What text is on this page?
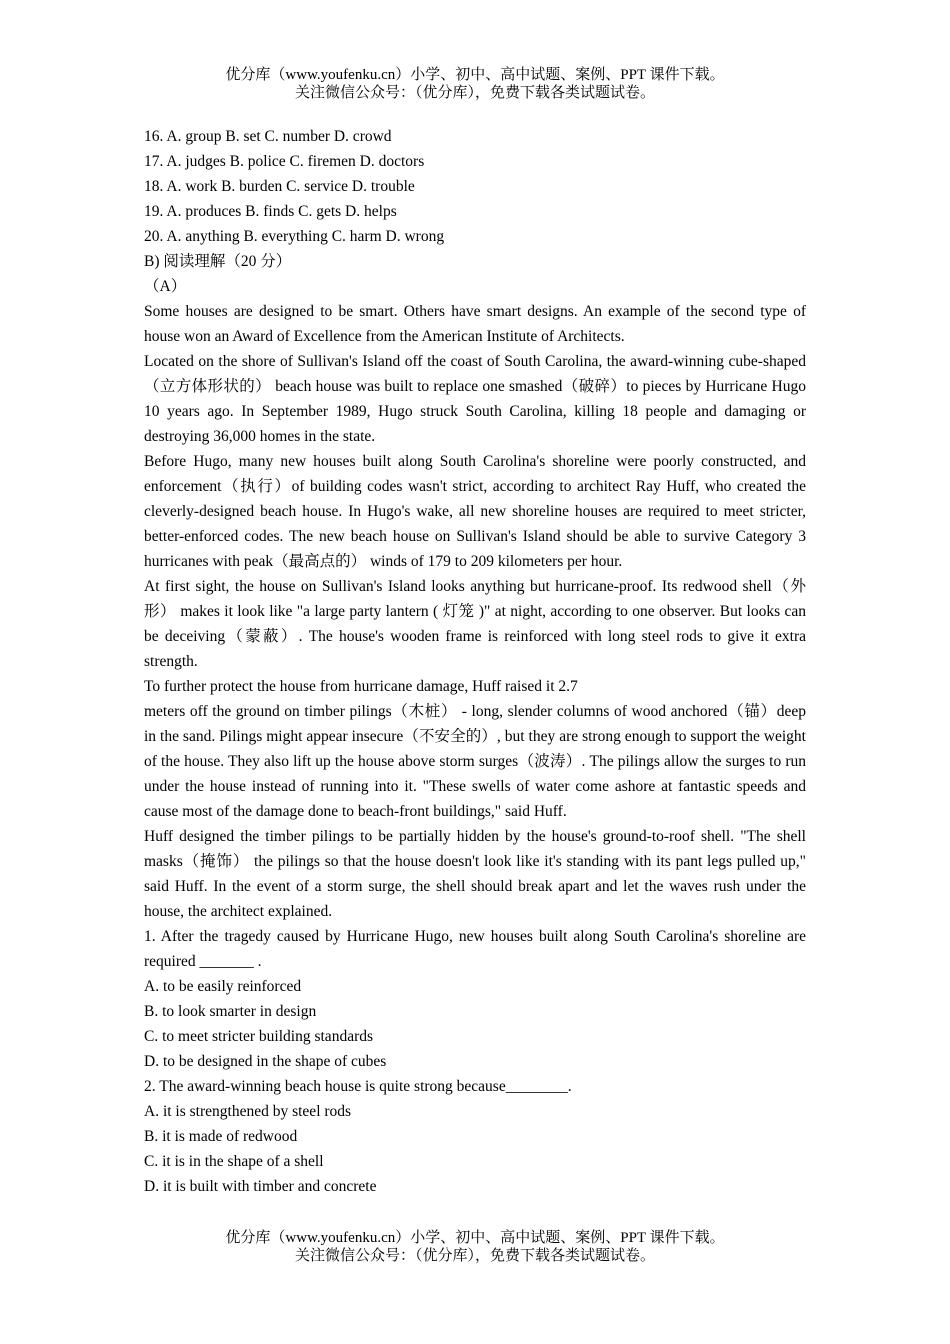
优分库（www.youfenku.cn）小学、初中、高中试题、案例、PPT 课件下载。
关注微信公众号：（优分库），免费下载各类试题试卷。
16. A. group B. set C. number D. crowd
17. A. judges B. police C. firemen D. doctors
18. A. work B. burden C. service D. trouble
19. A. produces B. finds C. gets D. helps
20. A. anything B. everything C. harm D. wrong
B) 阅读理解（20 分）
（A）
Some houses are designed to be smart. Others have smart designs. An example of the second type of house won an Award of Excellence from the American Institute of Architects.
Located on the shore of Sullivan's Island off the coast of South Carolina, the award-winning cube-shaped（立方体形状的） beach house was built to replace one smashed（破碎）to pieces by Hurricane Hugo 10 years ago. In September 1989, Hugo struck South Carolina, killing 18 people and damaging or destroying 36,000 homes in the state.
Before Hugo, many new houses built along South Carolina's shoreline were poorly constructed, and enforcement（执行）of building codes wasn't strict, according to architect Ray Huff, who created the cleverly-designed beach house. In Hugo's wake, all new shoreline houses are required to meet stricter, better-enforced codes. The new beach house on Sullivan's Island should be able to survive Category 3 hurricanes with peak（最高点的） winds of 179 to 209 kilometers per hour.
At first sight, the house on Sullivan's Island looks anything but hurricane-proof. Its redwood shell（外形） makes it look like "a large party lantern ( 灯笼 )" at night, according to one observer. But looks can be deceiving（蒙蔽）. The house's wooden frame is reinforced with long steel rods to give it extra strength.
To further protect the house from hurricane damage, Huff raised it 2.7
meters off the ground on timber pilings（木桩） - long, slender columns of wood anchored（锚）deep in the sand. Pilings might appear insecure（不安全的）, but they are strong enough to support the weight of the house. They also lift up the house above storm surges（波涛）. The pilings allow the surges to run under the house instead of running into it. "These swells of water come ashore at fantastic speeds and cause most of the damage done to beach-front buildings," said Huff.
Huff designed the timber pilings to be partially hidden by the house's ground-to-roof shell. "The shell masks（掩饰） the pilings so that the house doesn't look like it's standing with its pant legs pulled up," said Huff. In the event of a storm surge, the shell should break apart and let the waves rush under the house, the architect explained.
1. After the tragedy caused by Hurricane Hugo, new houses built along South Carolina's shoreline are required _______ .
A. to be easily reinforced
B. to look smarter in design
C. to meet stricter building standards
D. to be designed in the shape of cubes
2. The award-winning beach house is quite strong because________.
A. it is strengthened by steel rods
B. it is made of redwood
C. it is in the shape of a shell
D. it is built with timber and concrete
优分库（www.youfenku.cn）小学、初中、高中试题、案例、PPT 课件下载。
关注微信公众号：（优分库），免费下载各类试题试卷。
